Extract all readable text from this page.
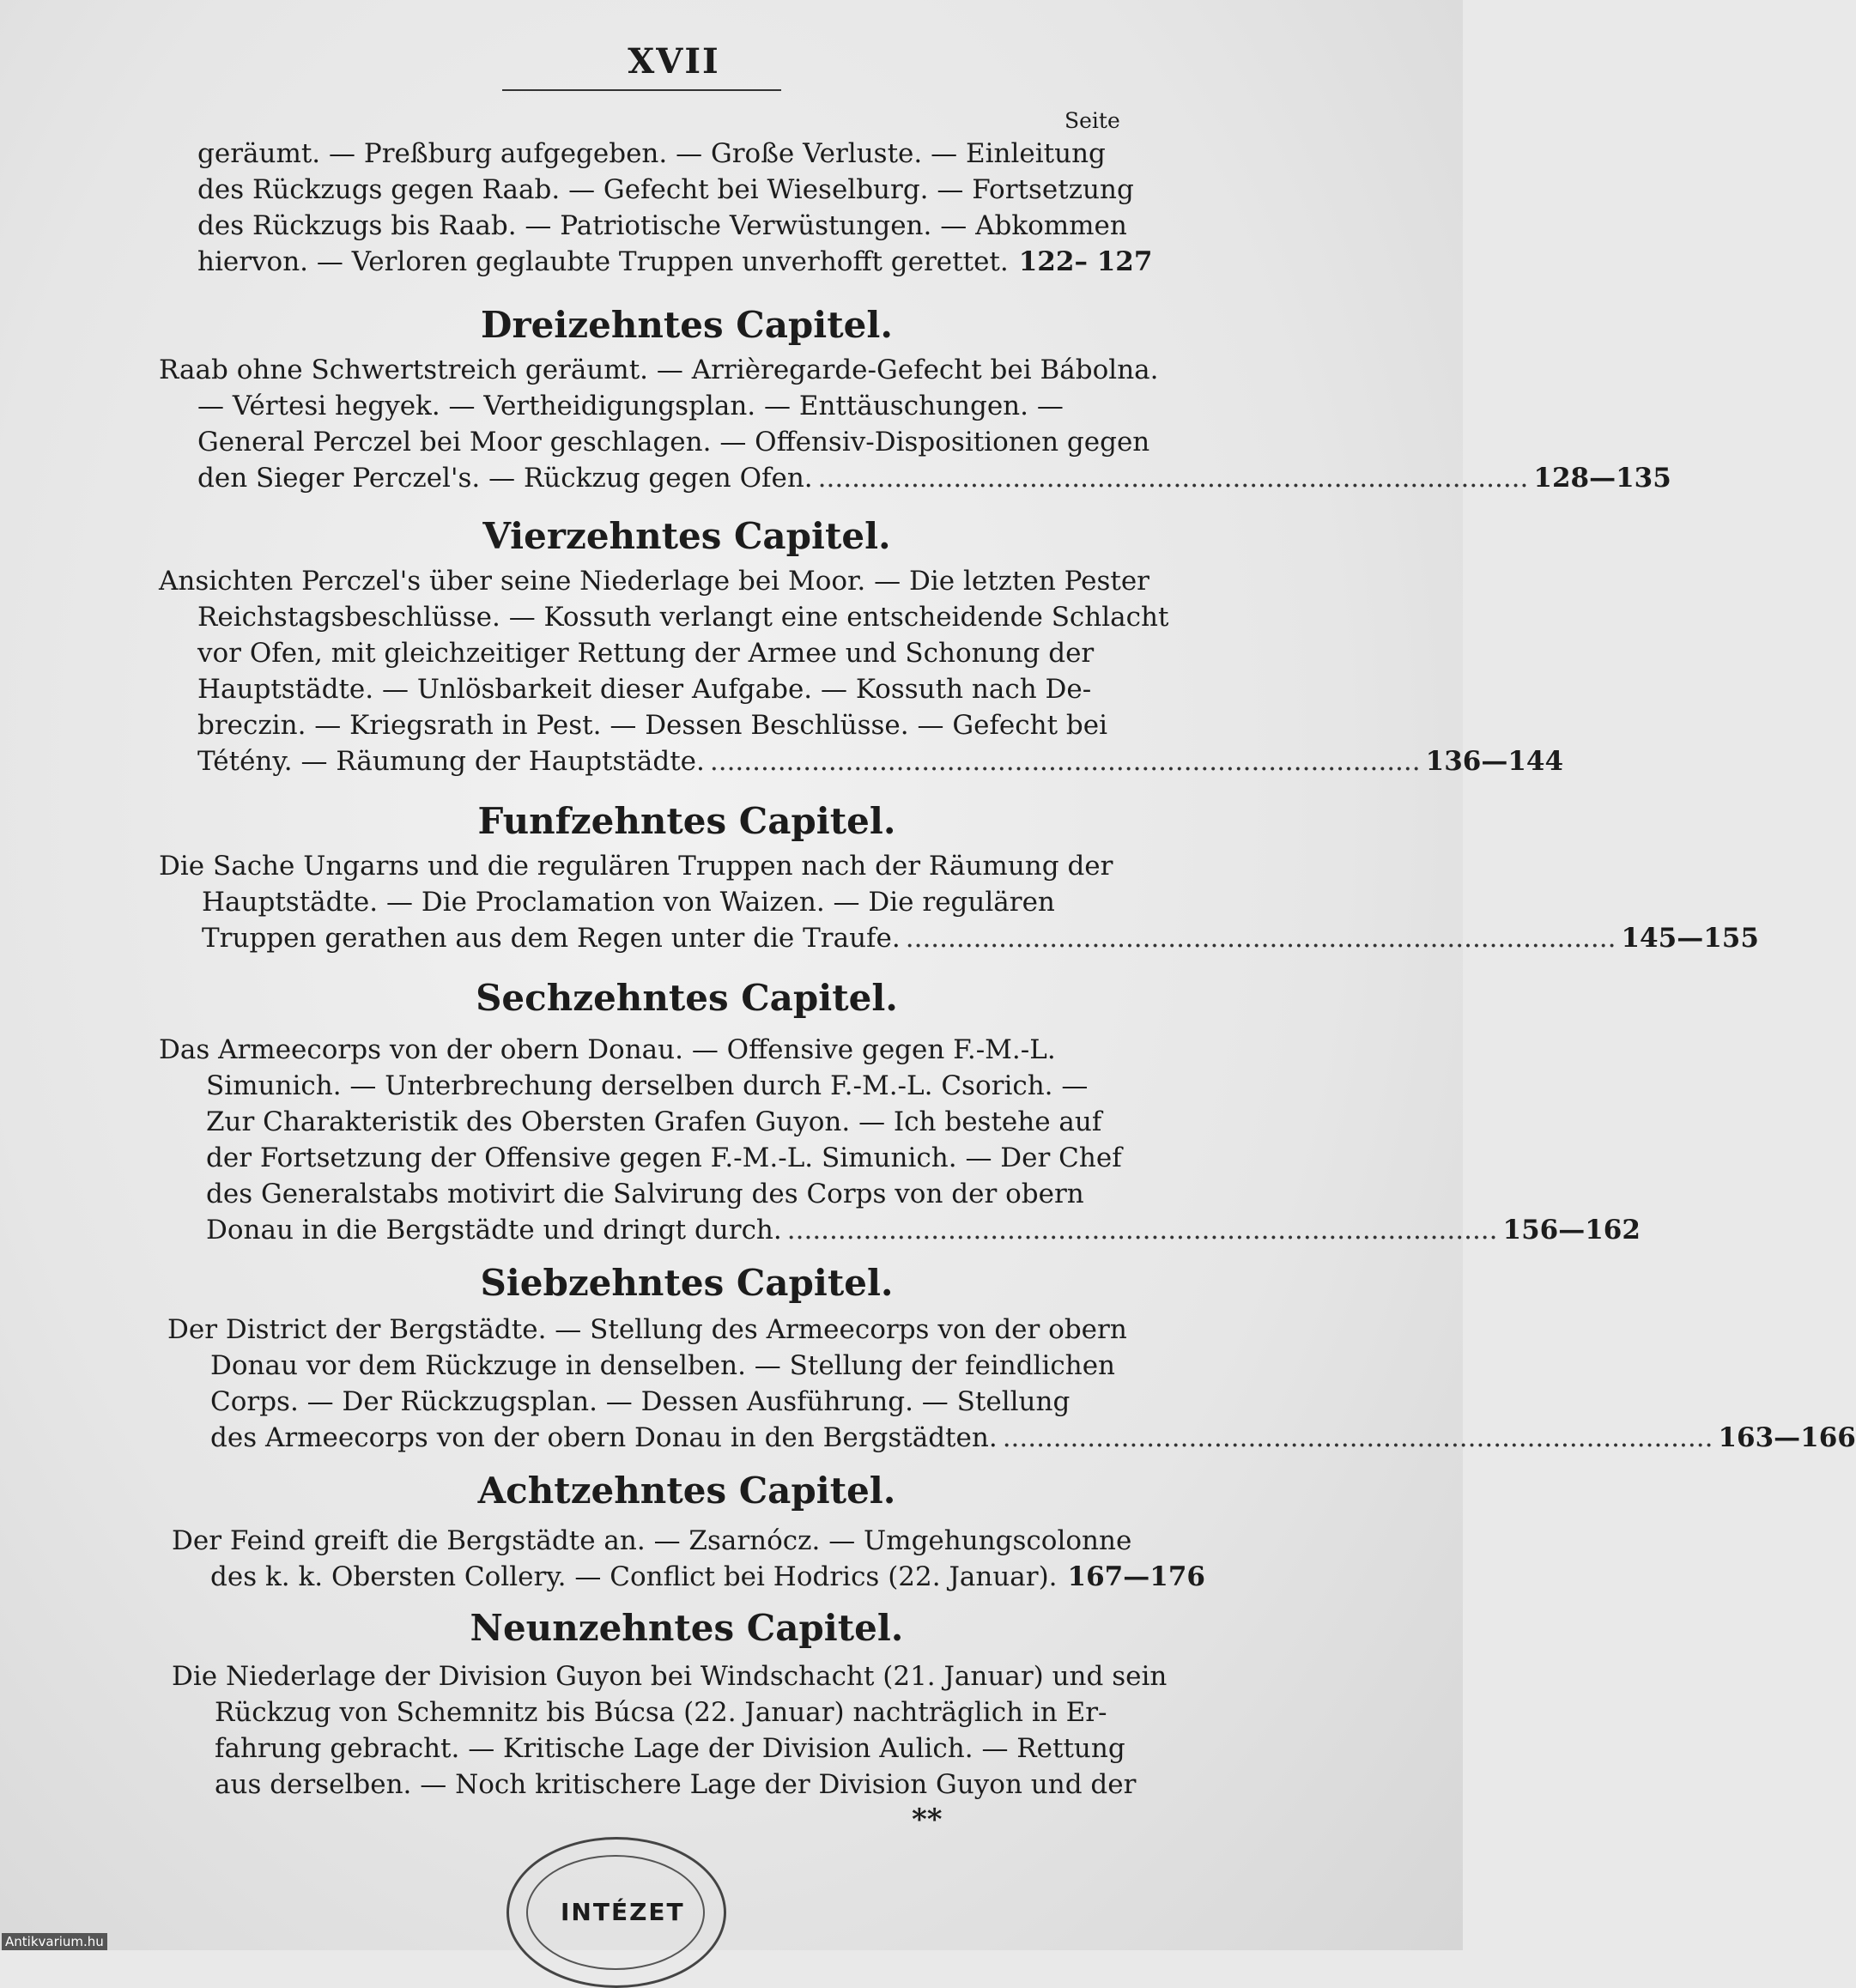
XVII
Seite
geräumt. — Preßburg aufgegeben. — Große Verluste. — Einleitung
des Rückzugs gegen Raab. — Gefecht bei Wieselburg. — Fortsetzung
des Rückzugs bis Raab. — Patriotische Verwüstungen. — Abkommen
hiervon. — Verloren geglaubte Truppen unverhofft gerettet. 122– 127
Dreizehntes Capitel.
Raab ohne Schwertstreich geräumt. — Arrièregarde-Gefecht bei Bábolna.
— Vértesi hegyek. — Vertheidigungsplan. — Enttäuschungen. —
General Perczel bei Moor geschlagen. — Offensiv-Dispositionen gegen
den Sieger Perczel's. — Rückzug gegen Ofen. .................................................................................... 128—135
Vierzehntes Capitel.
Ansichten Perczel's über seine Niederlage bei Moor. — Die letzten Pester
Reichstagsbeschlüsse. — Kossuth verlangt eine entscheidende Schlacht
vor Ofen, mit gleichzeitiger Rettung der Armee und Schonung der
Hauptstädte. — Unlösbarkeit dieser Aufgabe. — Kossuth nach De-
breczin. — Kriegsrath in Pest. — Dessen Beschlüsse. — Gefecht bei
Tétény. — Räumung der Hauptstädte. .................................................................................... 136—144
Funfzehntes Capitel.
Die Sache Ungarns und die regulären Truppen nach der Räumung der
Hauptstädte. — Die Proclamation von Waizen. — Die regulären
Truppen gerathen aus dem Regen unter die Traufe. .................................................................................... 145—155
Sechzehntes Capitel.
Das Armeecorps von der obern Donau. — Offensive gegen F.-M.-L.
Simunich. — Unterbrechung derselben durch F.-M.-L. Csorich. —
Zur Charakteristik des Obersten Grafen Guyon. — Ich bestehe auf
der Fortsetzung der Offensive gegen F.-M.-L. Simunich. — Der Chef
des Generalstabs motivirt die Salvirung des Corps von der obern
Donau in die Bergstädte und dringt durch. .................................................................................... 156—162
Siebzehntes Capitel.
Der District der Bergstädte. — Stellung des Armeecorps von der obern
Donau vor dem Rückzuge in denselben. — Stellung der feindlichen
Corps. — Der Rückzugsplan. — Dessen Ausführung. — Stellung
des Armeecorps von der obern Donau in den Bergstädten. .................................................................................... 163—166
Achtzehntes Capitel.
Der Feind greift die Bergstädte an. — Zsarnócz. — Umgehungscolonne
des k. k. Obersten Collery. — Conflict bei Hodrics (22. Januar). 167—176
Neunzehntes Capitel.
Die Niederlage der Division Guyon bei Windschacht (21. Januar) und sein
Rückzug von Schemnitz bis Búcsa (22. Januar) nachträglich in Er-
fahrung gebracht. — Kritische Lage der Division Aulich. — Rettung
aus derselben. — Noch kritischere Lage der Division Guyon und der
**
INTÉZET
Antikvarium.hu
